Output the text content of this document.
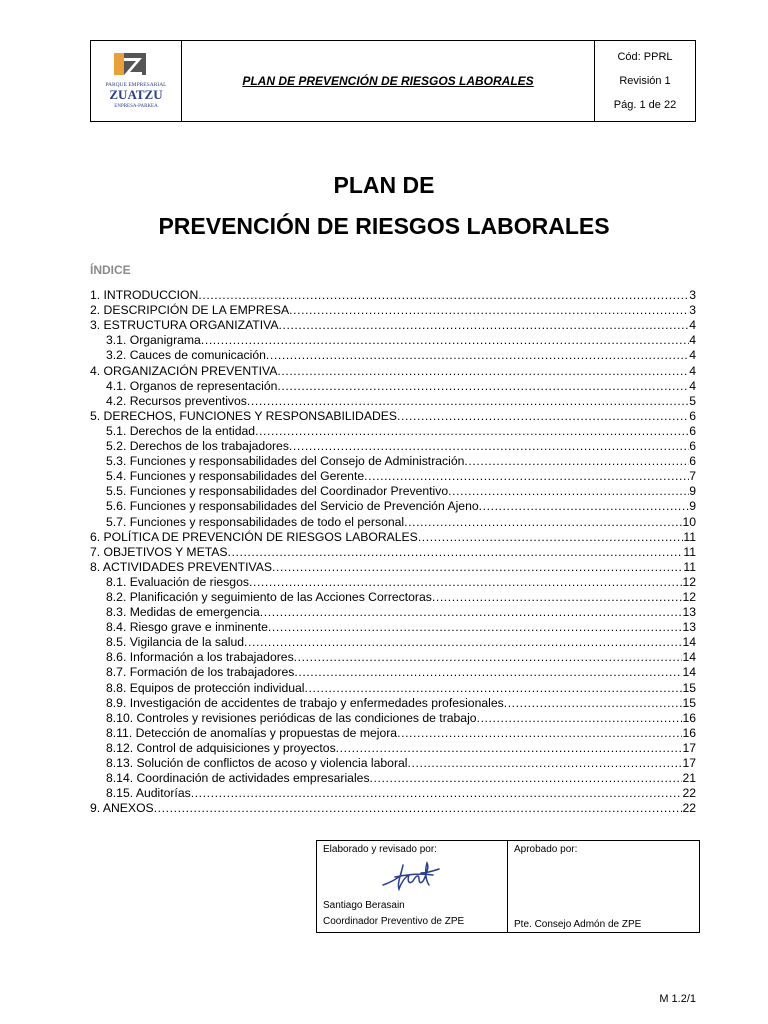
PARQUE EMPRESARIAL
ZUATZU
ENPRESA-PARKEA
PLAN DE PREVENCIÓN DE RIESGOS LABORALES
Cód: PPRL
Revisión 1
Pág. 1 de 22
PLAN DE
PREVENCIÓN DE RIESGOS LABORALES
ÍNDICE
1. INTRODUCCION .....	3
2. DESCRIPCIÓN DE LA EMPRESA .....	3
3. ESTRUCTURA ORGANIZATIVA .....	4
3.1. Organigrama .....	4
3.2. Cauces de comunicación .....	4
4. ORGANIZACIÓN PREVENTIVA .....	4
4.1. Organos de representación .....	4
4.2. Recursos preventivos .....	5
5. DERECHOS, FUNCIONES Y RESPONSABILIDADES .....	6
5.1. Derechos de la entidad .....	6
5.2. Derechos de los trabajadores .....	6
5.3. Funciones y responsabilidades del Consejo de Administración .....	6
5.4. Funciones y responsabilidades del Gerente .....	7
5.5. Funciones y responsabilidades del Coordinador Preventivo .....	9
5.6. Funciones y responsabilidades del Servicio de Prevención Ajeno .....	9
5.7. Funciones y responsabilidades de todo el personal .....	10
6. POLÍTICA DE PREVENCIÓN DE RIESGOS LABORALES .....	11
7. OBJETIVOS Y METAS .....	11
8. ACTIVIDADES PREVENTIVAS .....	11
8.1. Evaluación de riesgos .....	12
8.2. Planificación y seguimiento de las Acciones Correctoras .....	12
8.3. Medidas de emergencia .....	13
8.4. Riesgo grave e inminente .....	13
8.5. Vigilancia de la salud .....	14
8.6. Información a los trabajadores .....	14
8.7. Formación de los trabajadores .....	14
8.8. Equipos de protección individual .....	15
8.9. Investigación de accidentes de trabajo y enfermedades profesionales .....	15
8.10. Controles y revisiones periódicas de las condiciones de trabajo .....	16
8.11. Detección de anomalías y propuestas de mejora .....	16
8.12. Control de adquisiciones y proyectos .....	17
8.13. Solución de conflictos de acoso y violencia laboral .....	17
8.14. Coordinación de actividades empresariales .....	21
8.15. Auditorías .....	22
9. ANEXOS .....	22
Elaborado y revisado por:
Santiago Berasain
Coordinador Preventivo de ZPE
Aprobado por:
Pte. Consejo Admón de ZPE
M 1.2/1
